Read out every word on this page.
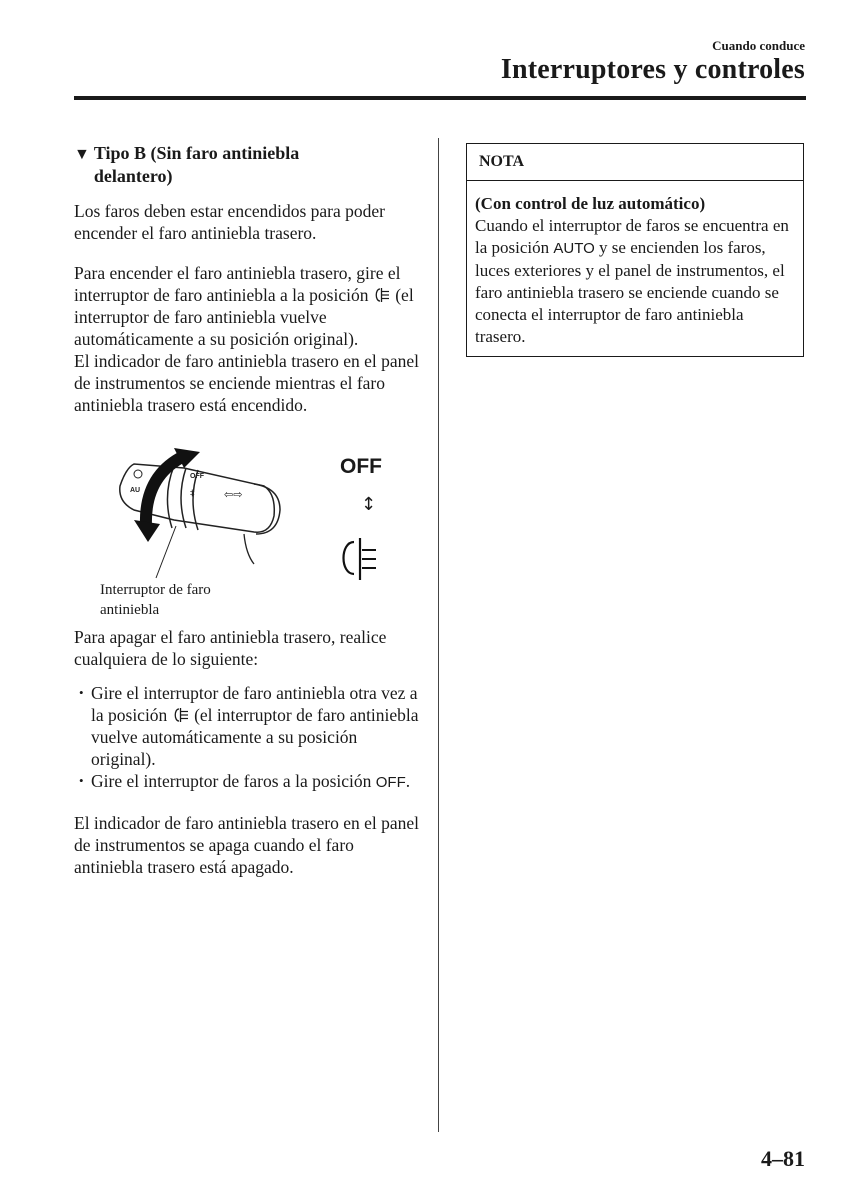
Cuando conduce
Interruptores y controles
▼ Tipo B (Sin faro antiniebla delantero)

Los faros deben estar encendidos para poder encender el faro antiniebla trasero.

Para encender el faro antiniebla trasero, gire el interruptor de faro antiniebla a la posición  (el interruptor de faro antiniebla vuelve automáticamente a su posición original).

El indicador de faro antiniebla trasero en el panel de instrumentos se enciende mientras el faro antiniebla trasero está encendido.

AU
OFF
‡	⇦⇨
OFF
↕
Interruptor de faro
antiniebla

Para apagar el faro antiniebla trasero, realice cualquiera de lo siguiente:

• Gire el interruptor de faro antiniebla otra vez a la posición  (el interruptor de faro antiniebla vuelve automáticamente a su posición original).
• Gire el interruptor de faros a la posición OFF.

El indicador de faro antiniebla trasero en el panel de instrumentos se apaga cuando el faro antiniebla trasero está apagado.

NOTA
(Con control de luz automático)
Cuando el interruptor de faros se encuentra en la posición AUTO y se encienden los faros, luces exteriores y el panel de instrumentos, el faro antiniebla trasero se enciende cuando se conecta el interruptor de faro antiniebla trasero.
4–81
